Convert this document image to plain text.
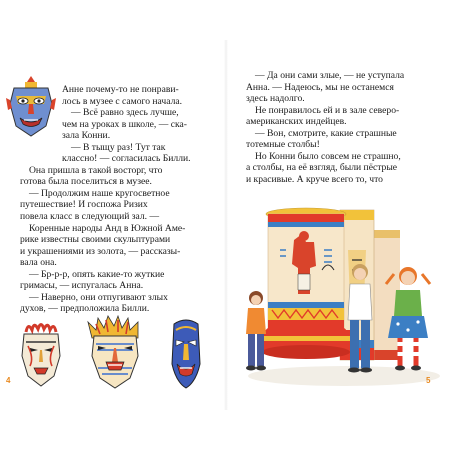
Анне почему-то не понрави-
лось в музее с самого начала.
— Всё равно здесь лучше,
чем на уроках в школе, — ска-
зала Конни.
— В тыщу раз! Тут так
классно! — согласилась Билли.
Она пришла в такой восторг, что
готова была поселиться в музее.
— Продолжим наше кругосветное
путешествие! И госпожа Ризих
повела класс в следующий зал. —
Коренные народы Анд в Южной Аме-
рике известны своими скульптурами
и украшениями из золота, — рассказы-
вала она.
— Бр-р-р, опять какие-то жуткие
гримасы, — испугалась Анна.
— Наверно, они отпугивают злых
духов, — предположила Билли.
4
— Да они сами злые, — не уступала
Анна. — Надеюсь, мы не останемся
здесь надолго.
Не понравилось ей и в зале северо-
американских индейцев.
— Вон, смотрите, какие страшные
тотемные столбы!
Но Конни было совсем не страшно,
а столбы, на её взгляд, были пёстрые
и красивые. А круче всего то, что
5
